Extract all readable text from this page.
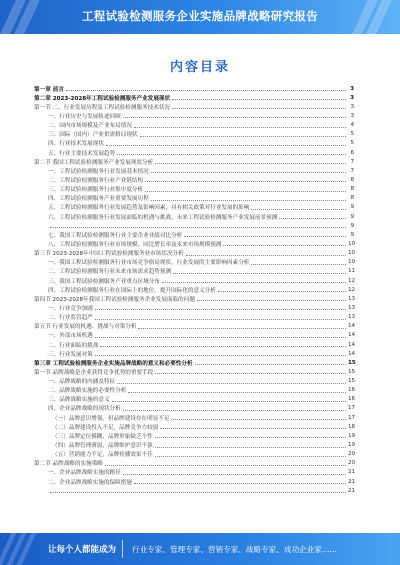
工程试验检测服务企业实施品牌战略研究报告
内容目录
第一章 前言	3
第二章 2023-2028年工程试验检测服务产业发展现状	3
第一节 二、行业发展历程及工程试验检测服务技术状况	3
一、行业历史与发展轨迹回顾	3
二、国内市场规模及产业布局情况	4
三、国际（国内）产业供需格局现状	5
四、行业技术发展现状	5
五、行业主要技术发展趋势	6
第二节 我国工程试验检测服务产业发展现状分析	7
一、工程试验检测服务行业发展基本情况	7
二、工程试验检测服务行业产业链结构	8
三、工程试验检测服务行业集中度分析	8
四、工程试验检测服务产业重要发展历程	8
五、工程试验检测服务行业发展趋势及影响因素，具有相关政策对行业发展的影响	9
六、工程试验检测服务行业发展面临的机遇与挑战，未来工程试验检测服务产业发展前景预测	9
9
七、我国工程试验检测服务行业主要企业业绩对比分析	9
八、工程试验检测服务行业市场规模，同比增长率及未来市场规模预测	10
第三节 2023-2028年中国工程试验检测服务业市场状况分析	10
一、我国工程试验检测服务行业市场竞争格局现状，行业发展的主要影响因素分析	10
二、工程试验检测服务行业未来市场需求趋势预测	11
三、我国工程试验检测服务产业重点区域分布	12
四、工程试验检测服务行业在国际上的地位，提升国际化的意义分析	12
第四节 2023-2028年我国工程试验检测服务企业发展面临的问题	13
一、行业竞争加剧	13
二、行业监管趋严	13
第五节 行业发展的机遇、挑战与对策分析	14
一、外部市场机遇	14
二、行业面临的挑战	14
三、行业发展对策	14
第三章 工程试验检测服务企业实施品牌战略的意义和必要性分析	15
第一节 品牌战略是企业获得竞争优势的重要手段	15
一、品牌战略的内涵及特征	15
二、品牌战略实施的必要性分析	16
三、品牌战略实施的意义	16
四、企业品牌战略的现状分析	17
（一）品牌意识增强，但品牌建设存在明显不足	17
（二）品牌建设投入不足，品牌竞争力较弱	18
（三）品牌定位模糊，品牌形象缺乏个性	19
（四）品牌管理薄弱，品牌维护意识不强	19
（五）营销能力不足，品牌传播效果不佳	20
第二节 品牌战略的实施策略	20
一、企业品牌战略实施的路径	21
二、企业品牌战略实施的保障措施	21
21
让每个人都能成为 行业专家、管理专家、营销专家、战略专家、成功企业家……
